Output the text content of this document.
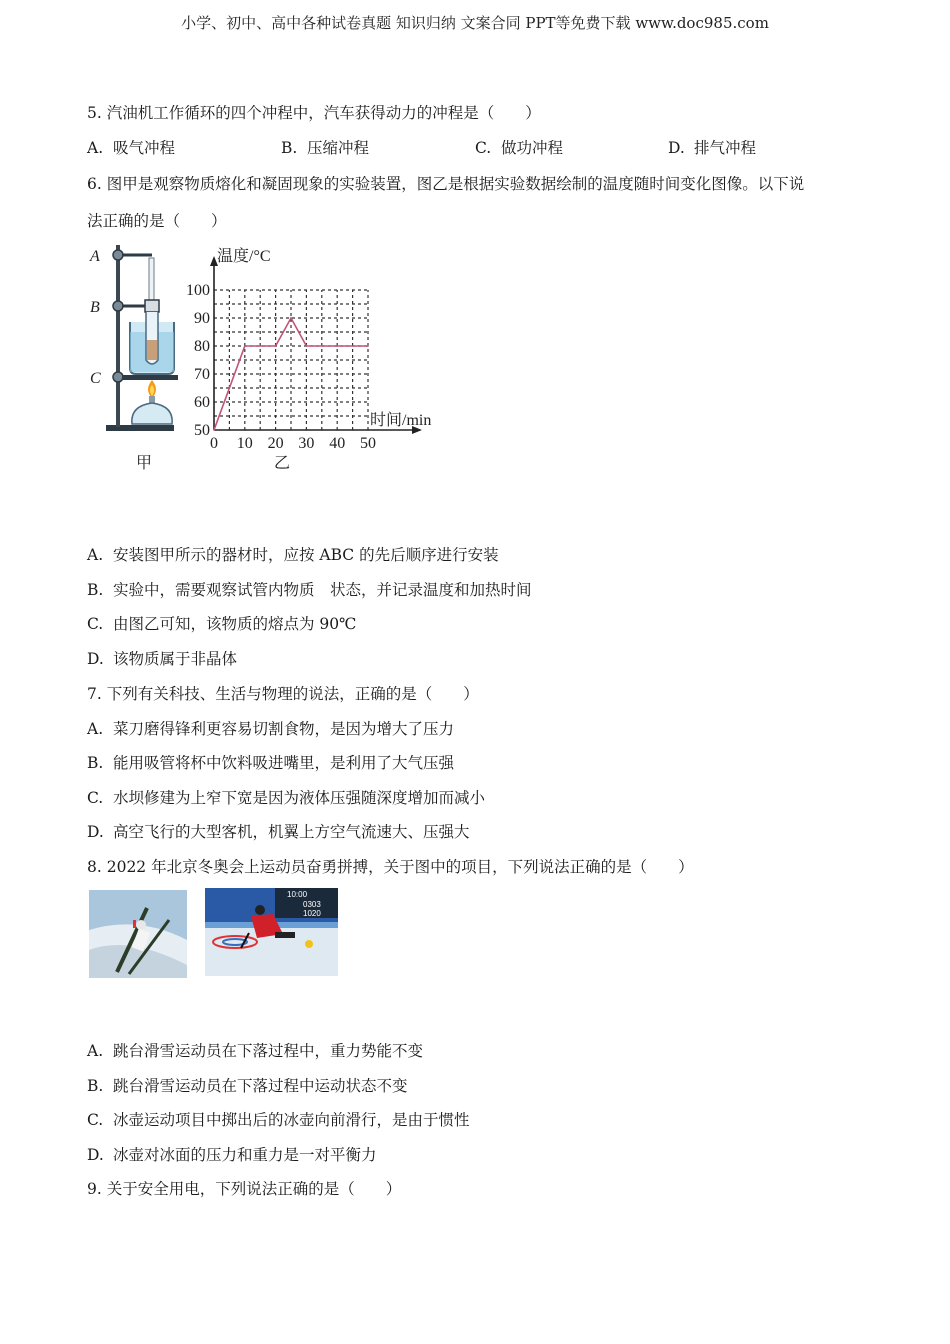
小学、初中、高中各种试卷真题 知识归纳 文案合同 PPT等免费下载 www.doc985.com
5. 汽油机工作循环的四个冲程中，汽车获得动力的冲程是（　　）
A. 吸气冲程	B. 压缩冲程	C. 做功冲程	D. 排气冲程
6. 图甲是观察物质熔化和凝固现象的实验装置，图乙是根据实验数据绘制的温度随时间变化图像。以下说
法正确的是（　　）
A
B
C
甲
温度/°C
时间/min
乙
50
60
70
80
90
100
0 10 20 30 40 50
A. 安装图甲所示的器材时，应按 ABC 的先后顺序进行安装
B. 实验中，需要观察试管内物质　状态，并记录温度和加热时间
C. 由图乙可知，该物质的熔点为 90℃
D. 该物质属于非晶体
7. 下列有关科技、生活与物理的说法，正确的是（　　）
A. 菜刀磨得锋利更容易切割食物，是因为增大了压力
B. 能用吸管将杯中饮料吸进嘴里，是利用了大气压强
C. 水坝修建为上窄下宽是因为液体压强随深度增加而减小
D. 高空飞行的大型客机，机翼上方空气流速大、压强大
8. 2022 年北京冬奥会上运动员奋勇拼搏，关于图中的项目，下列说法正确的是（　　）
10:00
0303
1020
A. 跳台滑雪运动员在下落过程中，重力势能不变
B. 跳台滑雪运动员在下落过程中运动状态不变
C. 冰壶运动项目中掷出后的冰壶向前滑行，是由于惯性
D. 冰壶对冰面的压力和重力是一对平衡力
9. 关于安全用电，下列说法正确的是（　　）
